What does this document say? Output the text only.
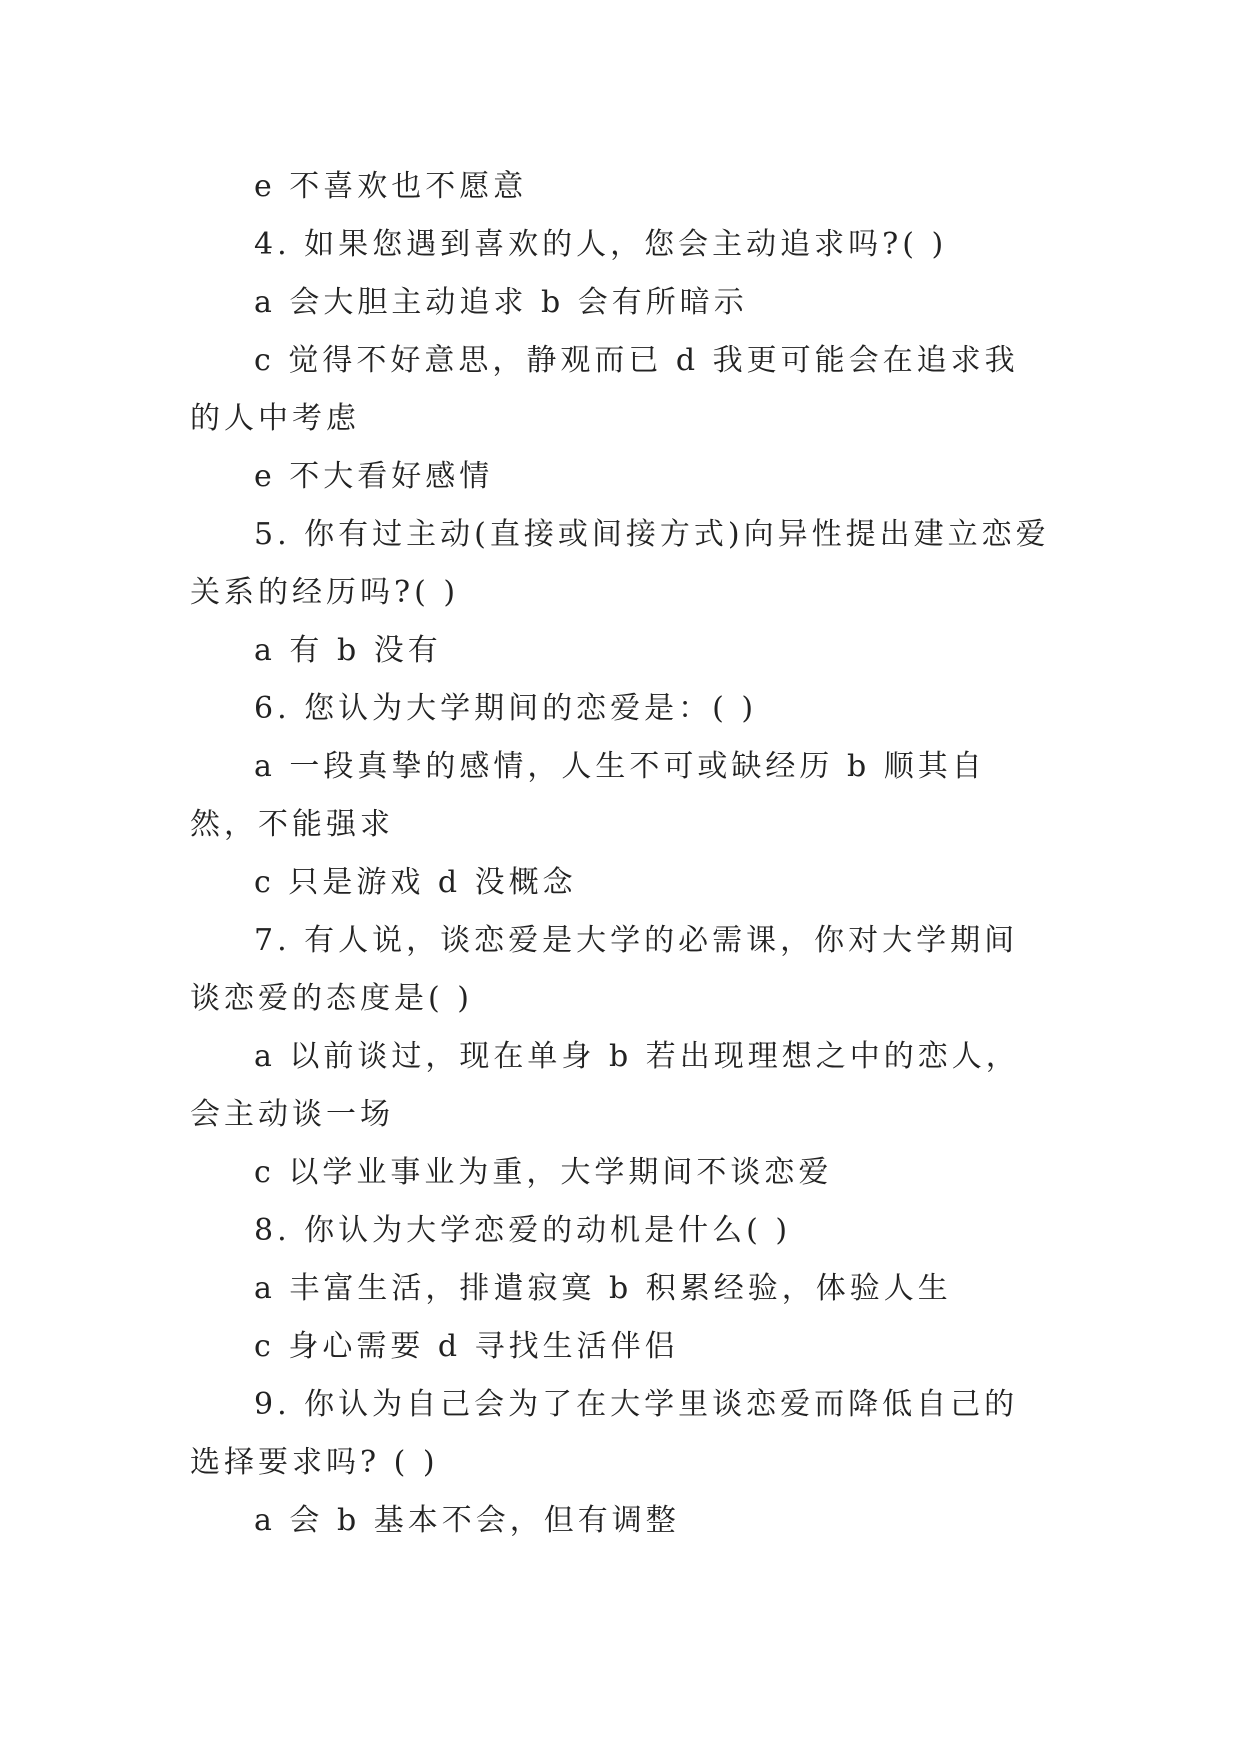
e 不喜欢也不愿意

4. 如果您遇到喜欢的人，您会主动追求吗?( )

a 会大胆主动追求 b 会有所暗示

c 觉得不好意思，静观而已 d 我更可能会在追求我的人中考虑

e 不大看好感情

5. 你有过主动(直接或间接方式)向异性提出建立恋爱关系的经历吗?( )

a 有 b 没有

6. 您认为大学期间的恋爱是：( )

a 一段真挚的感情，人生不可或缺经历 b 顺其自然，不能强求

c 只是游戏 d 没概念

7. 有人说，谈恋爱是大学的必需课，你对大学期间谈恋爱的态度是( )

a 以前谈过，现在单身 b 若出现理想之中的恋人，会主动谈一场

c 以学业事业为重，大学期间不谈恋爱

8. 你认为大学恋爱的动机是什么( )

a 丰富生活，排遣寂寞 b 积累经验，体验人生

c 身心需要 d 寻找生活伴侣

9. 你认为自己会为了在大学里谈恋爱而降低自己的选择要求吗? ( )

a 会 b 基本不会，但有调整
